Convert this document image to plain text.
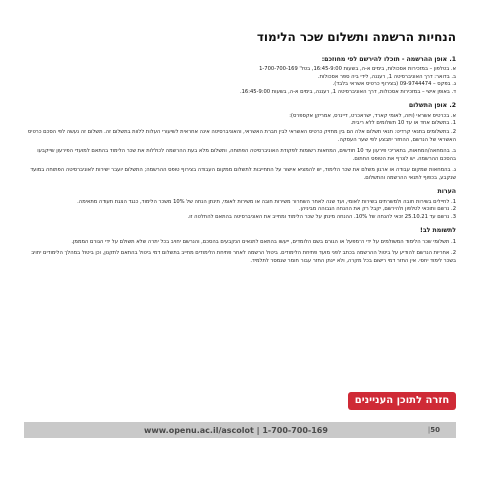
הנחיות הרשמה ותשלום שכר הלימוד
1. אופן ההרשמה - תוכלו להירשם לפי מחוזכם:

א. בטלפון – במזכירות אסכולות, בימים א-ה, בשעות 16:45-9:00, בטל' 1-700-700-169

ב. בדואר: דרך האוניברסיטה 1, רעננה, לידי ביה ספר אסכולות.

ג. בפקס – 09-9744474 (בצירוף כרטיס אשראי בלבד).

ד. באופן אישי – במזכירות אסכולות, דרך האוניברסיטה 1, רעננה, בימים א-ה, בשעות 16:45-9:00.

2. אופן התשלום

א. בכרטיס אשראי (ויזה, לאומי קארד, ישראכרט, דיינרס, אמריקן אקספרס):

1. בתשלום אחד או עד 10 תשלומים ללא ריבית.

2. בתשלומים בתנאי קרדיט: תנאי תשלום אלה הם בין מחזיק כרטיס האשראי לבין חברת האשראי, והאוניברסיטה אינה אחראית לשיעורי העלות ללוות בתשלום זה. תשלום זה נעשה לפי הסכם כרטיס האשראי של הנרשם, ההחזר יתבצע לפי שער העסקה.

ב. בהמחאה/המחאות, בתאריכי פירעון עד 10 חודשים, המחאות רשומות לפקודת האוניברסיטה הפתוחה, ותשלום מלא בעת ההרשמה לכוללות את שכר הלימוד בהתאם למועדי הפירעון שייקבעו בהסכם ההרשמה. יש לצרף את הטופס החתום.

ג. בהמחאות שמקום עבודה או ארגון משלם את שכר הלימוד, יש להמציא אישור על התחייבות לתשלום ממקום העבודה בצירוף טופס ההרשמה; התשלום יועבר ישירות לאוניברסיטה הפתוחה במועד שנקבע, בכפוף לתנאי ההרשמה והתשלום.

הערות

1. לחיילים בשירות חובה ולמשרתים בשירות לאומי, ועד שנה לאחר השחרור משירות חובה או משירות לאומי, תינתן הנחה של 10% משכר הלימוד, כנגד הצגת תעודה מתאימה.

2. נרשם ותוכאי לטלפון ולהירשם, יקבל רק את ההנחה הגבוהה מביניהן.

3. נרשם עד 25.10.21 זכאי להנחה של 10%. ההנחה מינתן על שכר הלימוד ומחייב את האוניברסיטה בהתאם להחלטה זו.

לתשומת לב!

1. תשלומי שכר הלימוד המשולמים על ידי ה־מפעל או הגורם בשם הלומדים, ייעשו בהתאם לתנאים הנקבעים בהסכם, והנרשם יחויב בכל יתרה שלא תשולם על ידי הגורם המממן.

2. אחריות הנרשם להודיע על ביטול ההרשמה בכתב לפני מועד פתיחת הלימודים. ביטול הרשמה לאחר פתיחת הלימודים מחייב בתשלום דמי ביטול בהתאם לתקנון, וכן ביטול במהלך הלימודים יחויב בשכר לימוד יחסי. אין החזר דמי רישום בכל מקרה, ולא יינתן החזר עבור חומר שנמסר לתלמיד.

חזרה לתוכן העניינים
www.openu.ac.il/ascolot | 1-700-700-169	|50
